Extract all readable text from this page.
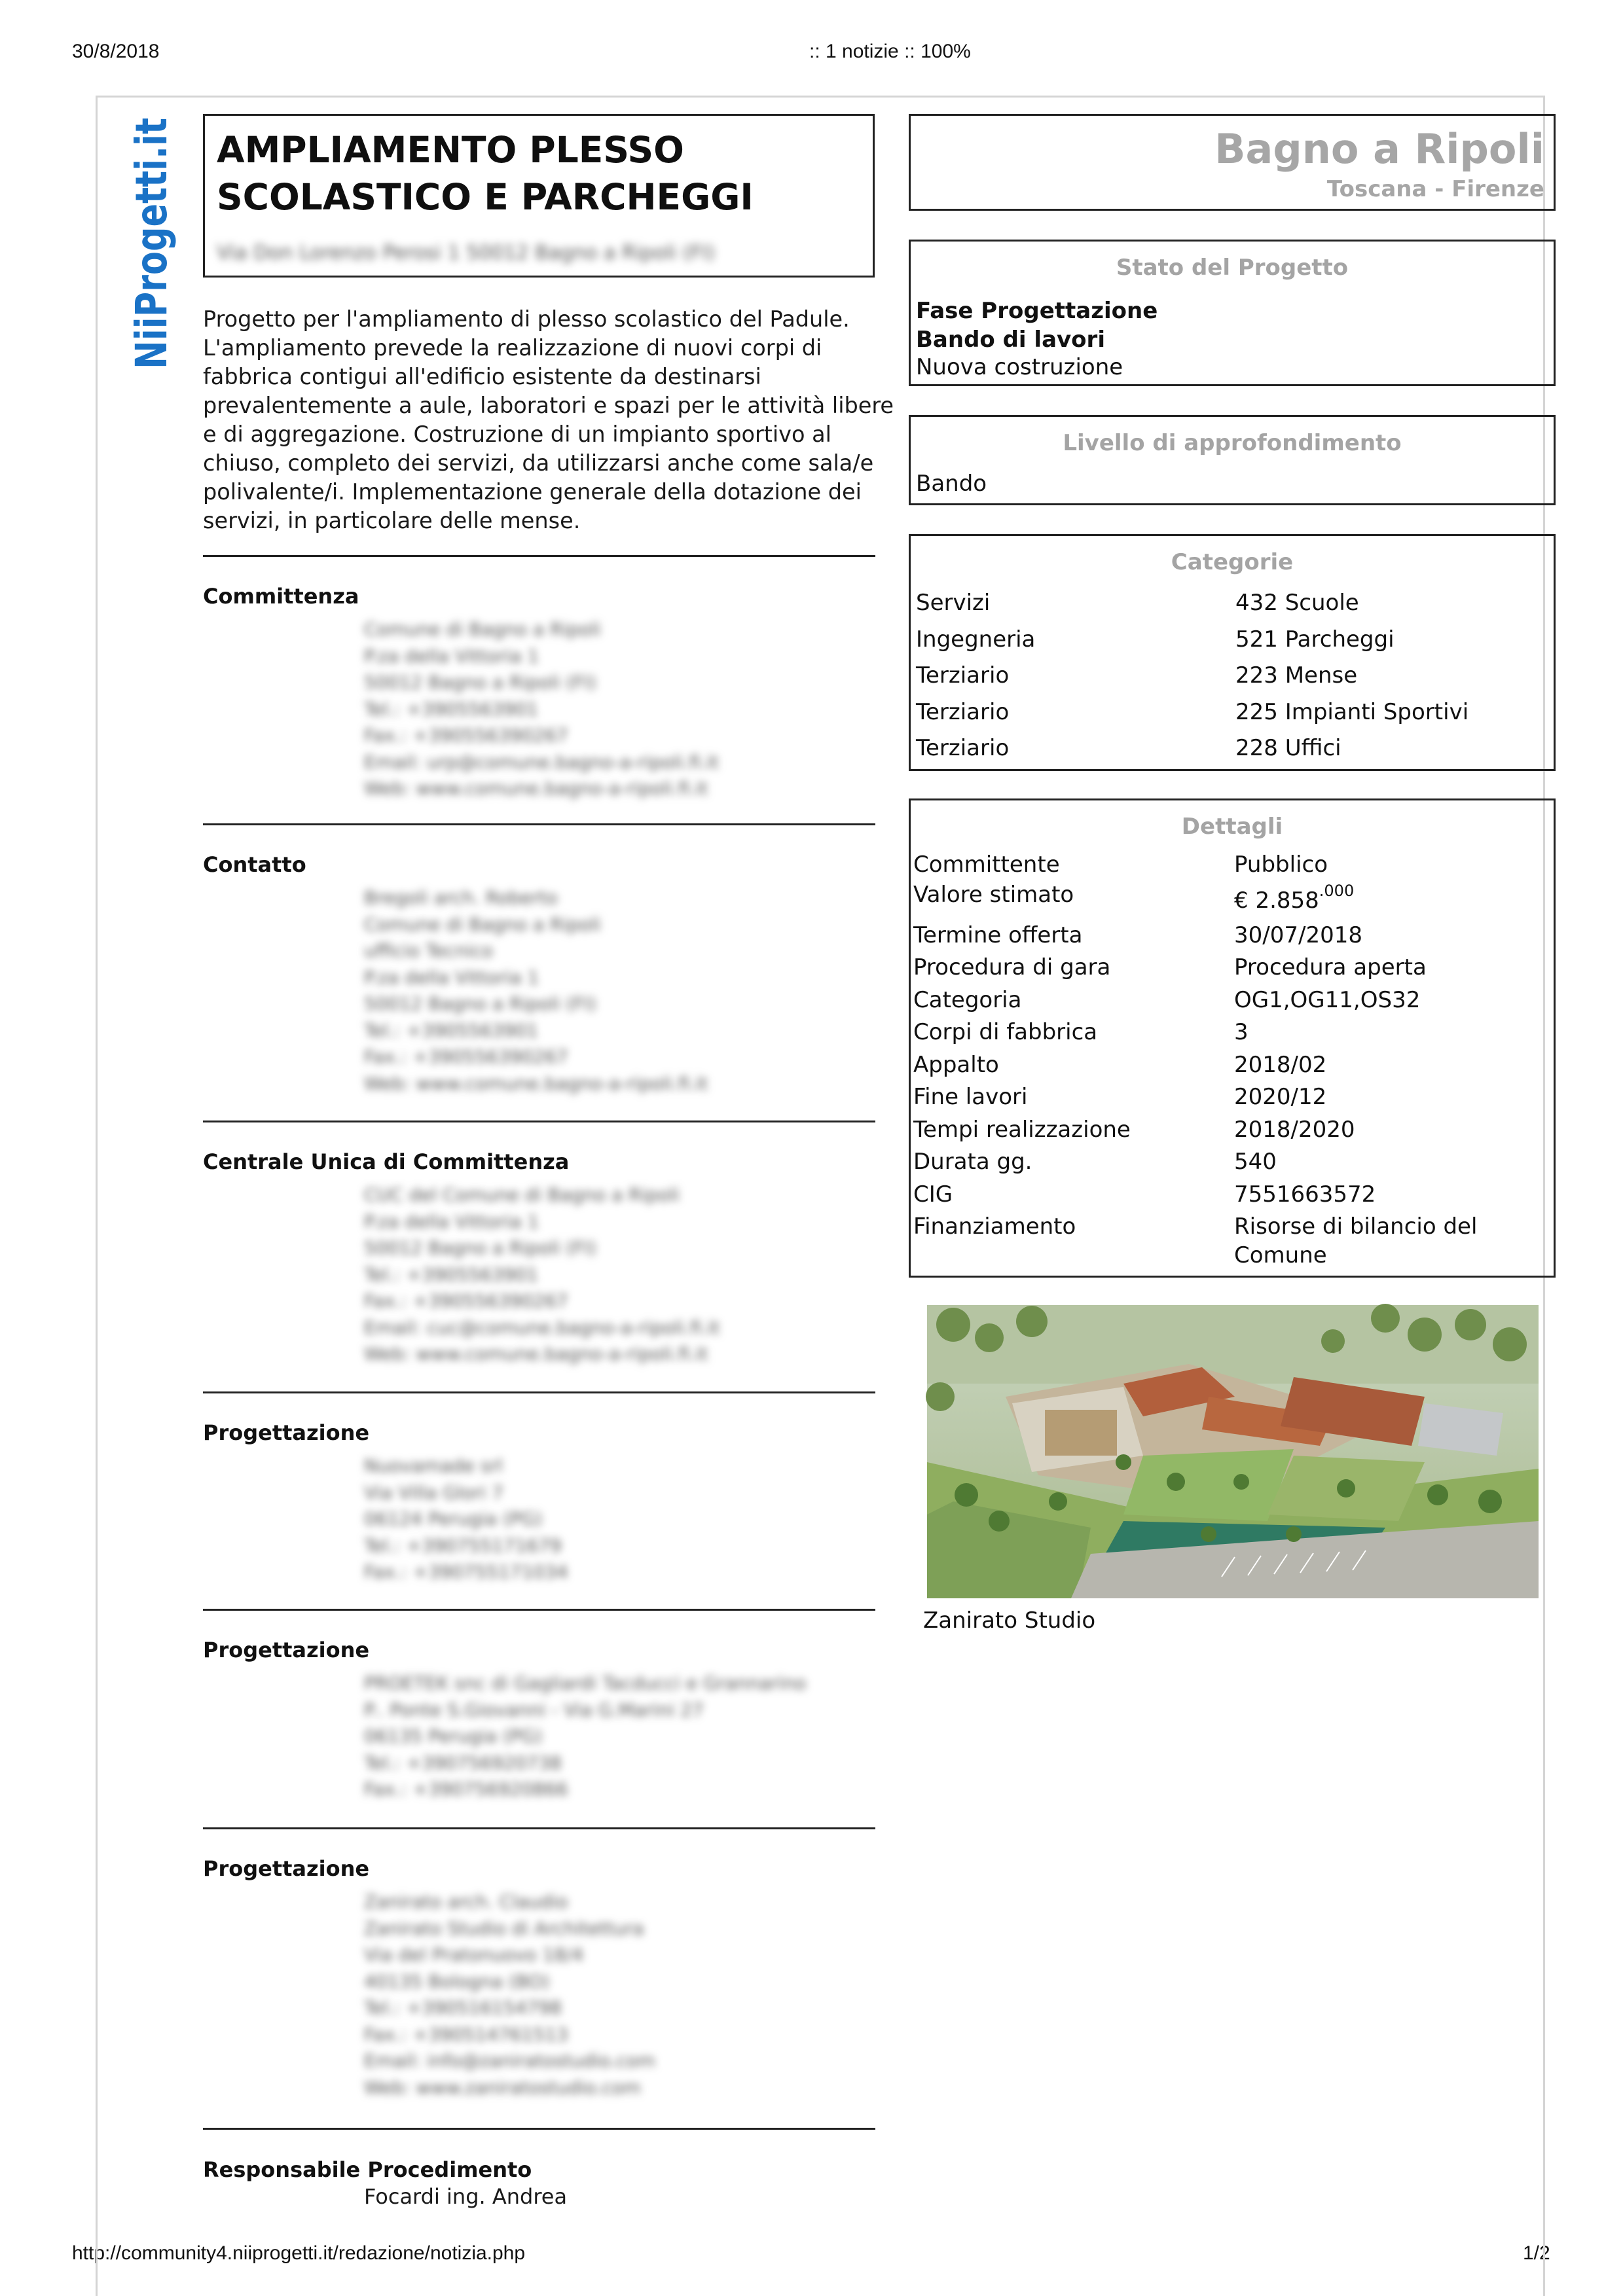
30/8/2018	:: 1 notizie :: 100%
http://community4.niiprogetti.it/redazione/notizia.php	1/2
NiiProgetti.it AMPLIAMENTO PLESSO
SCOLASTICO E PARCHEGGI
Via Don Lorenzo Perosi 1 50012 Bagno a Ripoli (FI)

Progetto per l'ampliamento di plesso scolastico del Padule.

L'ampliamento prevede la realizzazione di nuovi corpi di

fabbrica contigui all'edificio esistente da destinarsi

prevalentemente a aule, laboratori e spazi per le attività libere

e di aggregazione. Costruzione di un impianto sportivo al

chiuso, completo dei servizi, da utilizzarsi anche come sala/e

polivalente/i. Implementazione generale della dotazione dei

servizi, in particolare delle mense.

Committenza
Comune di Bagno a Ripoli
P.za della Vittoria 1
50012 Bagno a Ripoli (FI)
Tel.: +3905563901
Fax.: +390556390267
Email: urp@comune.bagno-a-ripoli.fi.it
Web: www.comune.bagno-a-ripoli.fi.it
Contatto
Bregoli arch. Roberto
Comune di Bagno a Ripoli
ufficio Tecnico
P.za della Vittoria 1
50012 Bagno a Ripoli (FI)
Tel.: +3905563901
Fax.: +390556390267
Web: www.comune.bagno-a-ripoli.fi.it
Centrale Unica di Committenza
CUC del Comune di Bagno a Ripoli
P.za della Vittoria 1
50012 Bagno a Ripoli (FI)
Tel.: +3905563901
Fax.: +390556390267
Email: cuc@comune.bagno-a-ripoli.fi.it
Web: www.comune.bagno-a-ripoli.fi.it
Progettazione
Nuovamade srl
Via Villa Glori 7
06124 Perugia (PG)
Tel.: +390755171679
Fax.: +390755171034
Progettazione
PROETEK snc di Gagliardi Tacducci e Grannarino
P.. Ponte S.Giovanni - Via G.Marini 27
06135 Perugia (PG)
Tel.: +390756920738
Fax.: +390756920866
Progettazione
Zanirato arch. Claudio
Zanirato Studio di Architettura
Via del Pratonuovo 18/4
40135 Bologna (BO)
Tel.: +390516154798
Fax.: +390514761513
Email: info@zaniratostudio.com
Web: www.zaniratostudio.com
Responsabile Procedimento
Focardi ing. Andrea
Bagno a Ripoli
Toscana - Firenze
Stato del Progetto
Fase Progettazione
Bando di lavori
Nuova costruzione
Livello di approfondimento
Bando
Categorie
Servizi	432 Scuole
Ingegneria	521 Parcheggi
Terziario	223 Mense
Terziario	225 Impianti Sportivi
Terziario	228 Uffici
Dettagli
Committente	Pubblico
Valore stimato	€ $2.858^{.000}$
Termine offerta	30/07/2018
Procedura di gara	Procedura aperta
Categoria	OG1,OG11,OS32
Corpi di fabbrica	3
Appalto	2018/02
Fine lavori	2020/12
Tempi realizzazione	2018/2020
Durata gg.	540
CIG	7551663572
Finanziamento	Risorse di bilancio del
Comune
Zanirato Studio
